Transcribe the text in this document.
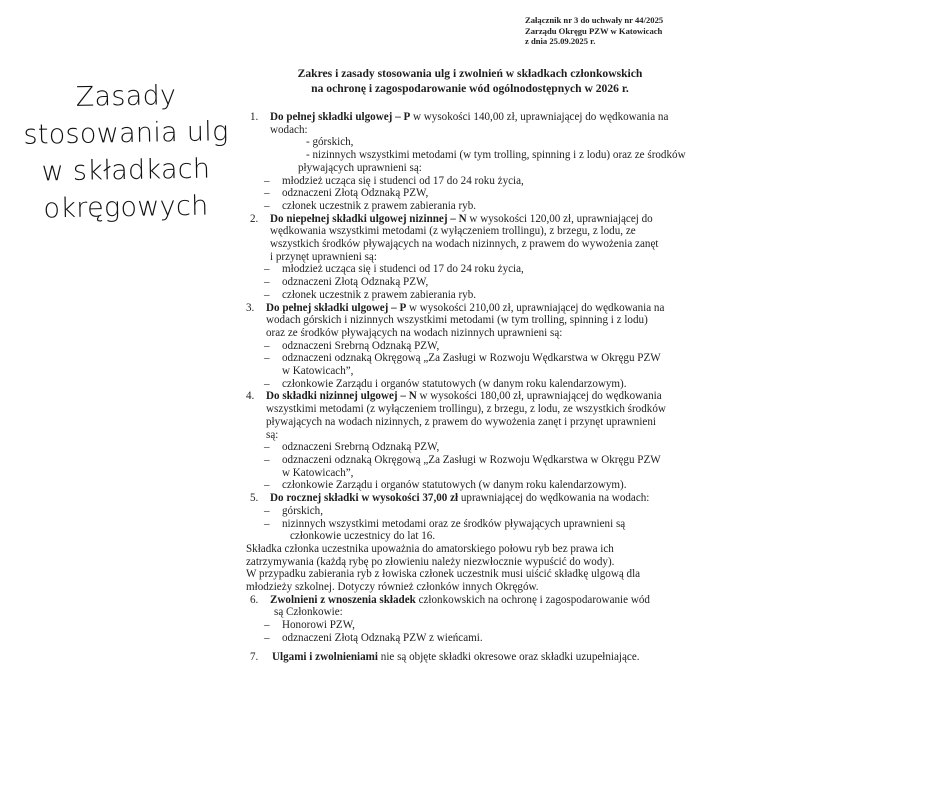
Zasady
stosowania ulg
w składkach
okręgowych
Załącznik nr 3 do uchwały nr 44/2025
Zarządu Okręgu PZW w Katowicach
z dnia 25.09.2025 r.
Zakres i zasady stosowania ulg i zwolnień w składkach członkowskich
na ochronę i zagospodarowanie wód ogólnodostępnych w 2026 r.
1. Do pełnej składki ulgowej – P w wysokości 140,00 zł, uprawniającej do wędkowania na

wodach:

- górskich,

- nizinnych wszystkimi metodami (w tym trolling, spinning i z lodu) oraz ze środków

pływających uprawnieni są:

– młodzież ucząca się i studenci od 17 do 24 roku życia,

– odznaczeni Złotą Odznaką PZW,

– członek uczestnik z prawem zabierania ryb.

2. Do niepełnej składki ulgowej nizinnej – N w wysokości 120,00 zł, uprawniającej do

wędkowania wszystkimi metodami (z wyłączeniem trollingu), z brzegu, z lodu, ze

wszystkich środków pływających na wodach nizinnych, z prawem do wywożenia zanęt

i przynęt uprawnieni są:

– młodzież ucząca się i studenci od 17 do 24 roku życia,

– odznaczeni Złotą Odznaką PZW,

– członek uczestnik z prawem zabierania ryb.

3. Do pełnej składki ulgowej – P w wysokości 210,00 zł, uprawniającej do wędkowania na

wodach górskich i nizinnych wszystkimi metodami (w tym trolling, spinning i z lodu)

oraz ze środków pływających na wodach nizinnych uprawnieni są:

– odznaczeni Srebrną Odznaką PZW,

– odznaczeni odznaką Okręgową „Za Zasługi w Rozwoju Wędkarstwa w Okręgu PZW

w Katowicach”,

– członkowie Zarządu i organów statutowych (w danym roku kalendarzowym).

4. Do składki nizinnej ulgowej – N w wysokości 180,00 zł, uprawniającej do wędkowania

wszystkimi metodami (z wyłączeniem trollingu), z brzegu, z lodu, ze wszystkich środków

pływających na wodach nizinnych, z prawem do wywożenia zanęt i przynęt uprawnieni

są:

– odznaczeni Srebrną Odznaką PZW,

– odznaczeni odznaką Okręgową „Za Zasługi w Rozwoju Wędkarstwa w Okręgu PZW

w Katowicach”,

– członkowie Zarządu i organów statutowych (w danym roku kalendarzowym).

5. Do rocznej składki w wysokości 37,00 zł uprawniającej do wędkowania na wodach:

– górskich,

– nizinnych wszystkimi metodami oraz ze środków pływających uprawnieni są

członkowie uczestnicy do lat 16.

Składka członka uczestnika upoważnia do amatorskiego połowu ryb bez prawa ich

zatrzymywania (każdą rybę po złowieniu należy niezwłocznie wypuścić do wody).

W przypadku zabierania ryb z łowiska członek uczestnik musi uiścić składkę ulgową dla

młodzieży szkolnej. Dotyczy również członków innych Okręgów.

6. Zwolnieni z wnoszenia składek członkowskich na ochronę i zagospodarowanie wód

są Członkowie:

– Honorowi PZW,

– odznaczeni Złotą Odznaką PZW z wieńcami.

7. Ulgami i zwolnieniami nie są objęte składki okresowe oraz składki uzupełniające.
